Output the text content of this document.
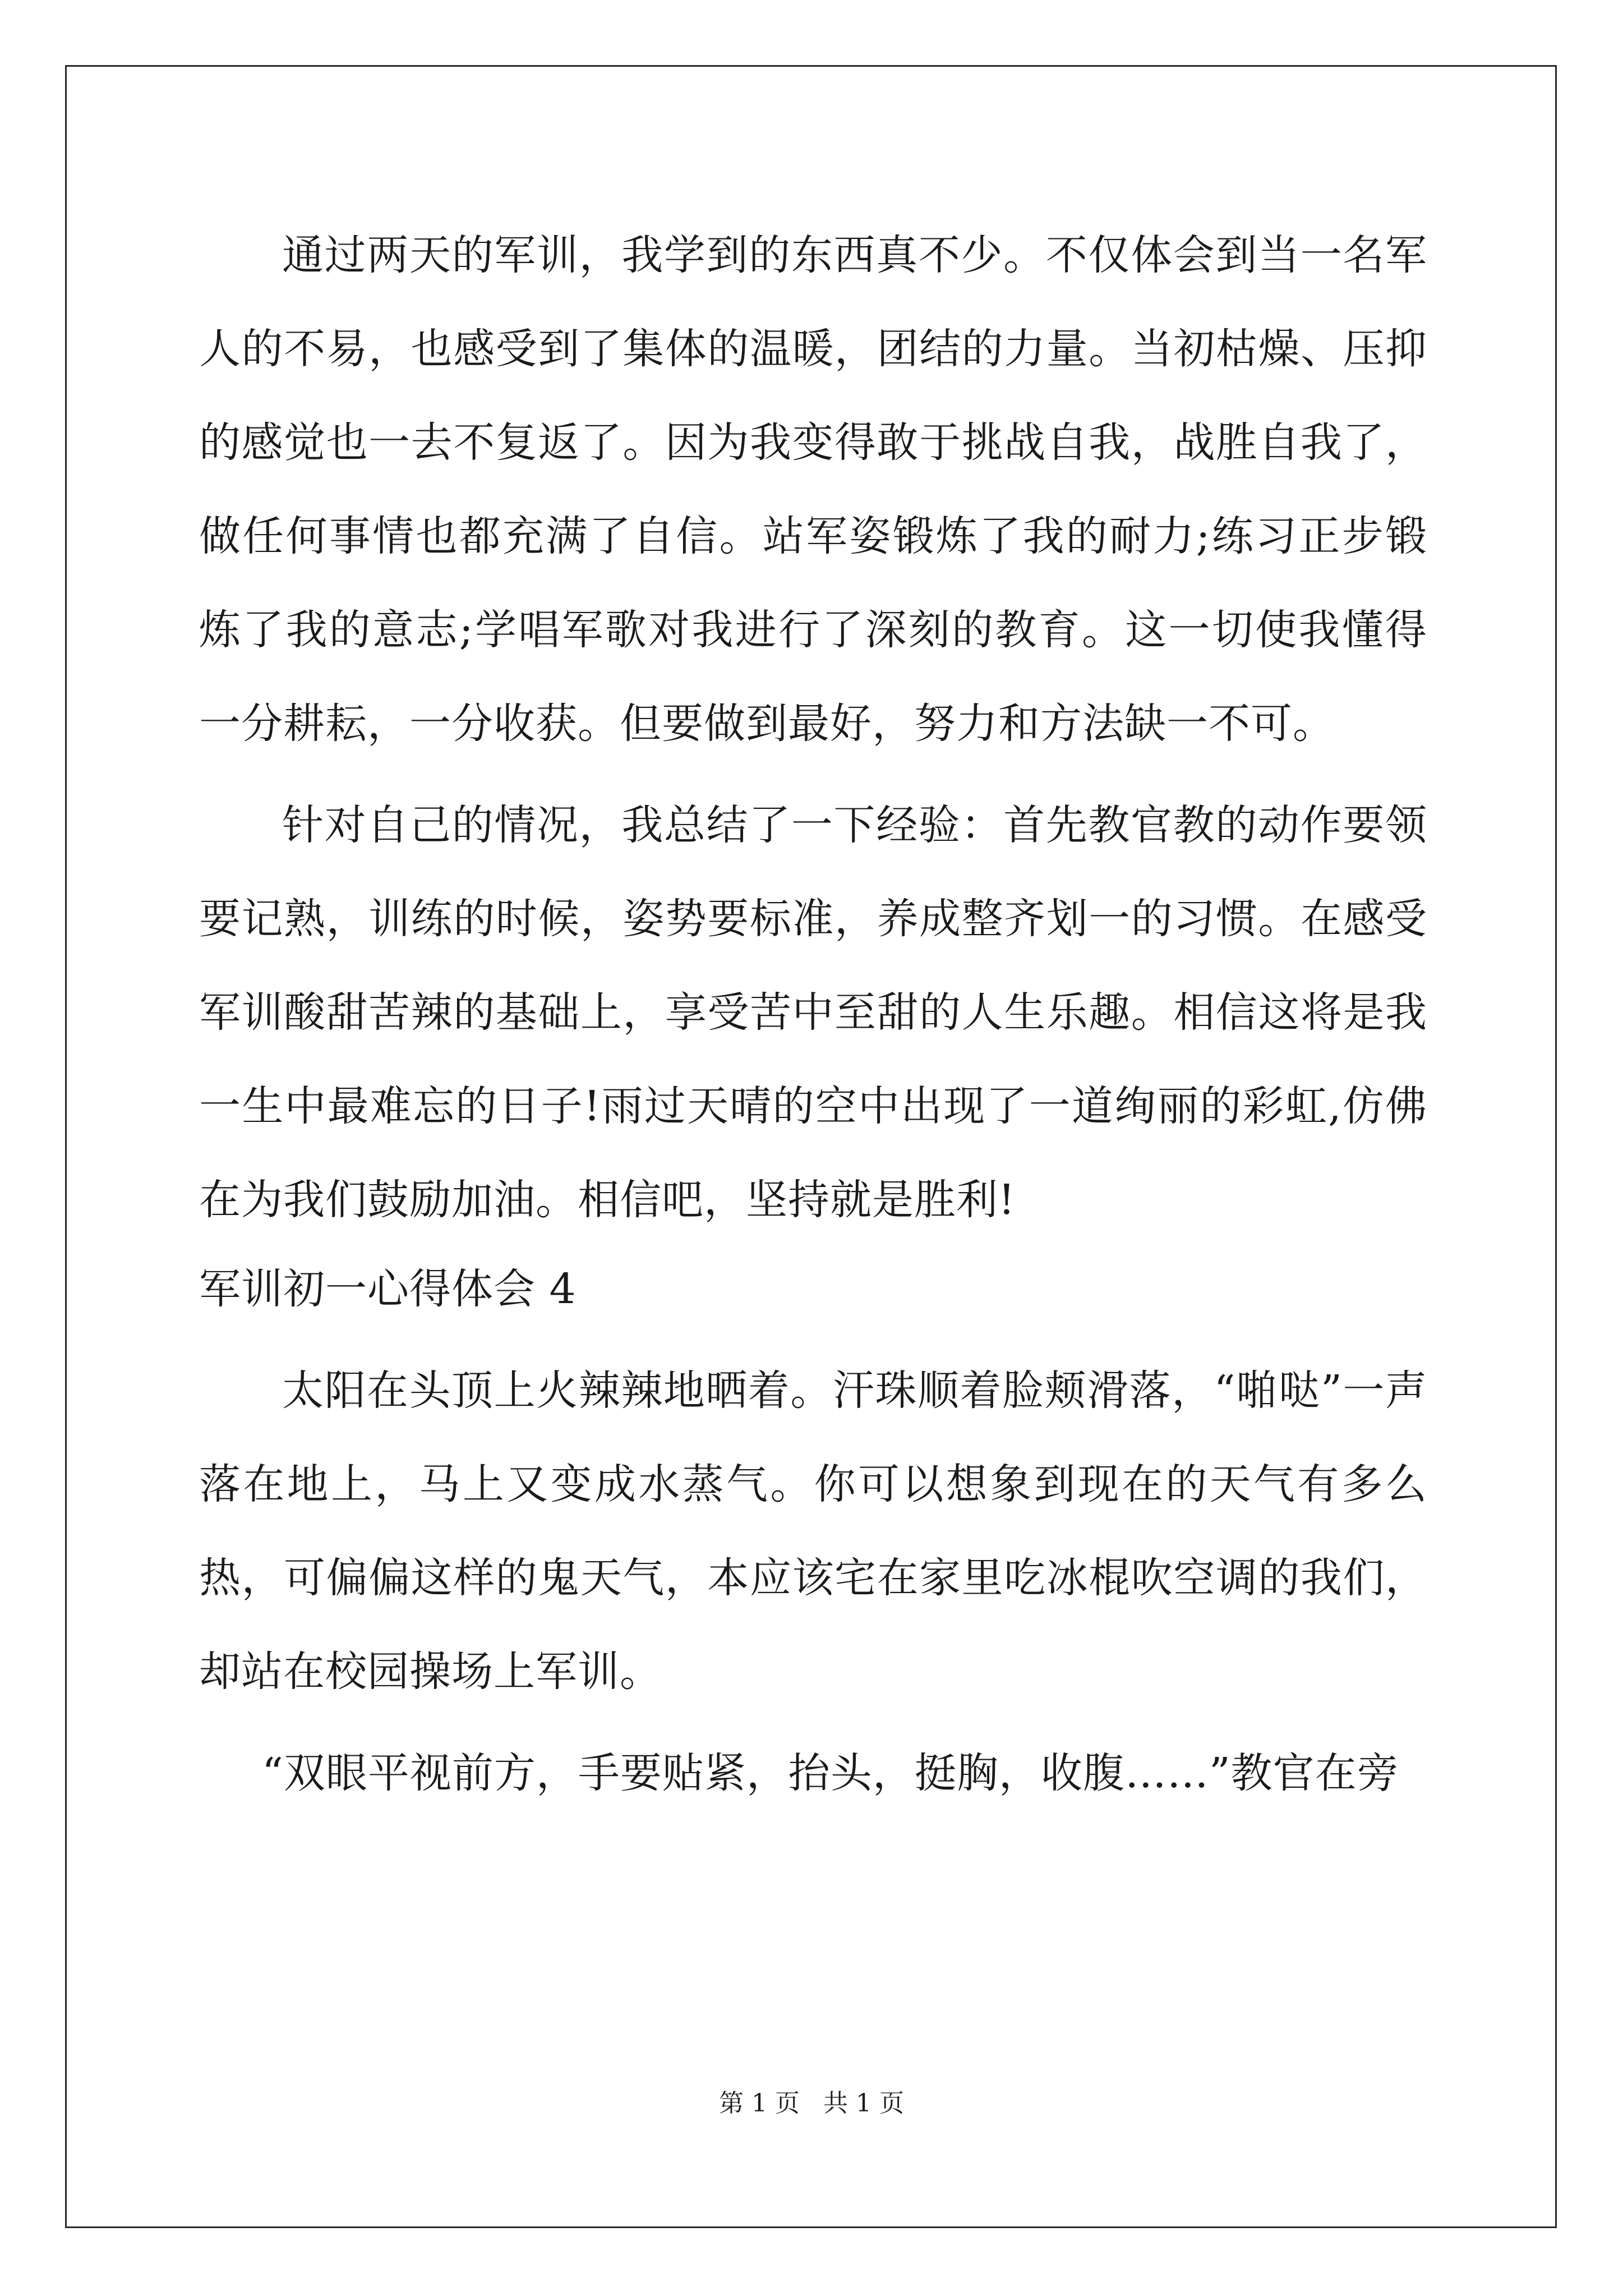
通过两天的军训，我学到的东西真不少。不仅体会到当一名军人的不易，也感受到了集体的温暖，团结的力量。当初枯燥、压抑的感觉也一去不复返了。因为我变得敢于挑战自我，战胜自我了，做任何事情也都充满了自信。站军姿锻炼了我的耐力;练习正步锻炼了我的意志;学唱军歌对我进行了深刻的教育。这一切使我懂得一分耕耘，一分收获。但要做到最好，努力和方法缺一不可。

针对自己的情况，我总结了一下经验：首先教官教的动作要领要记熟，训练的时候，姿势要标准，养成整齐划一的习惯。在感受军训酸甜苦辣的基础上，享受苦中至甜的人生乐趣。相信这将是我一生中最难忘的日子!雨过天晴的空中出现了一道绚丽的彩虹,仿佛在为我们鼓励加油。相信吧，坚持就是胜利!

军训初一心得体会 4

太阳在头顶上火辣辣地晒着。汗珠顺着脸颊滑落，“啪哒”一声落在地上，马上又变成水蒸气。你可以想象到现在的天气有多么热，可偏偏这样的鬼天气，本应该宅在家里吃冰棍吹空调的我们，却站在校园操场上军训。

“双眼平视前方，手要贴紧，抬头，挺胸，收腹……”教官在旁

第 1 页 共 1 页
